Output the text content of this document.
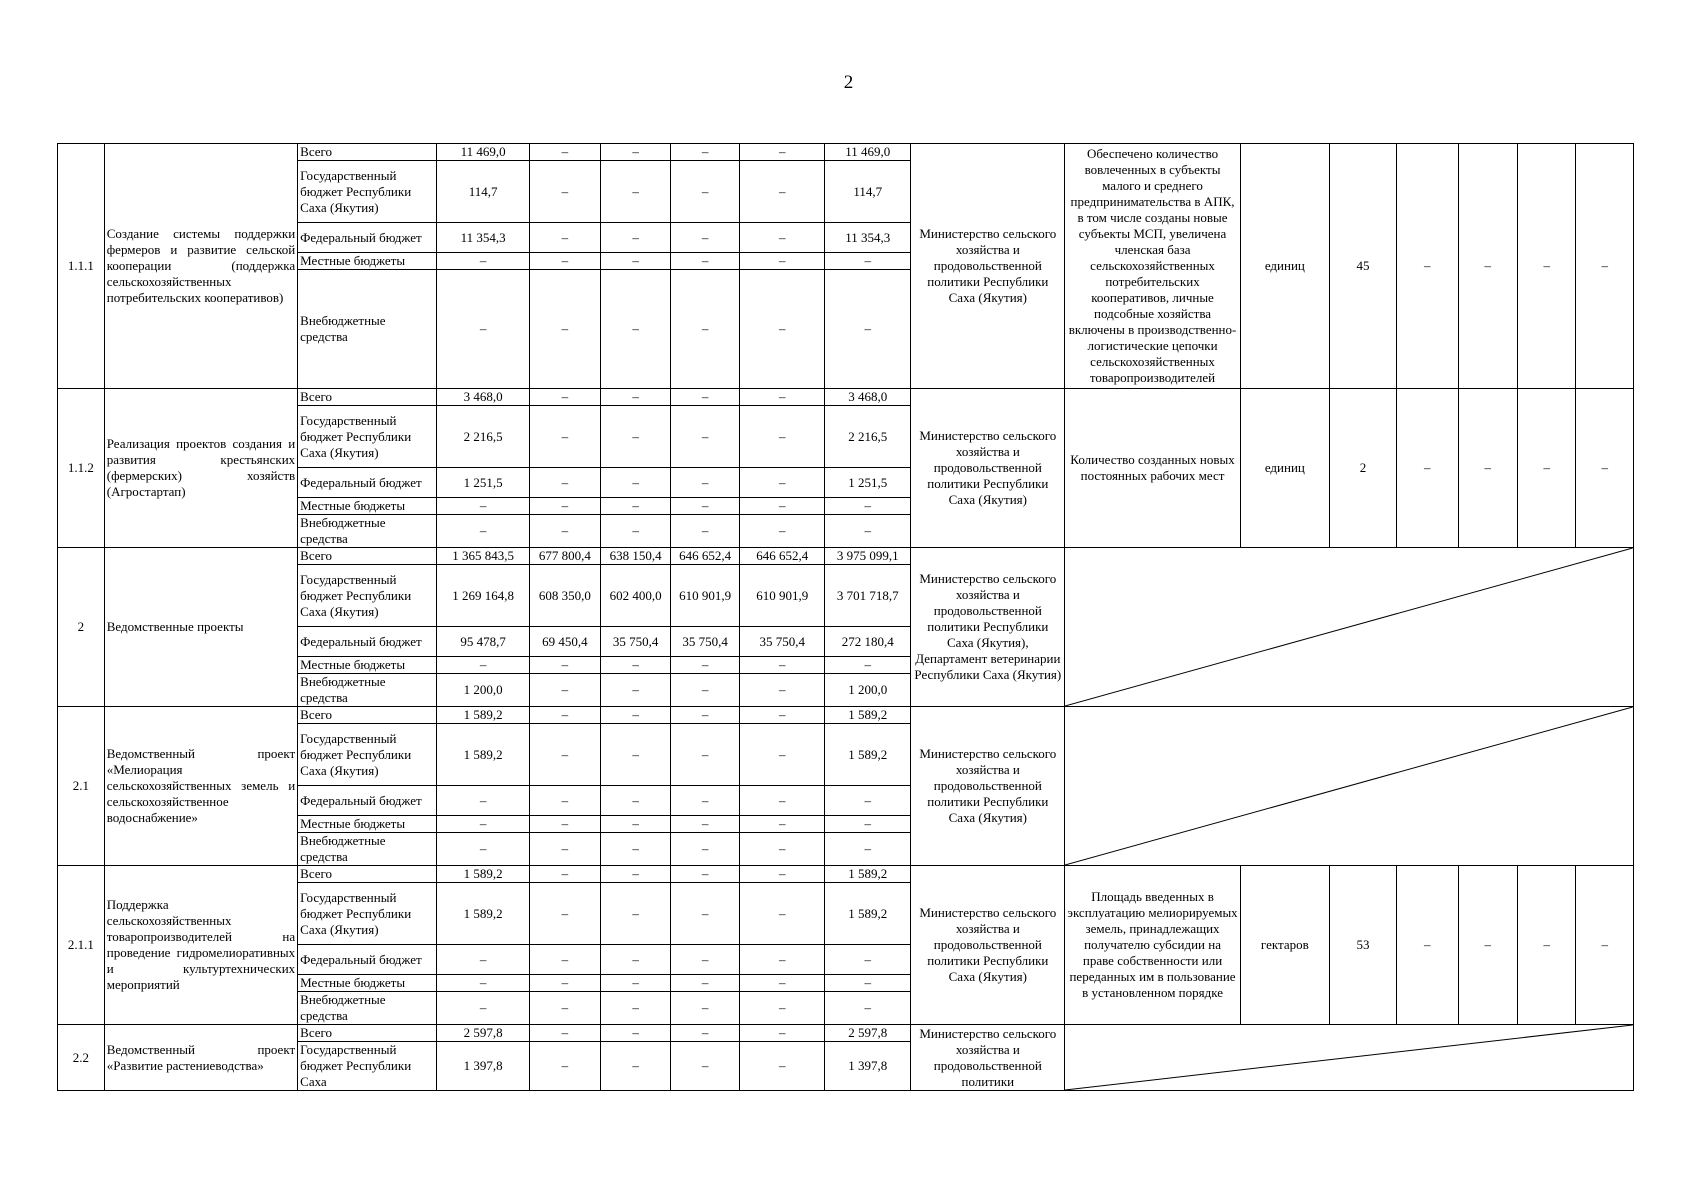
2
1.1.1	Создание системы поддержки фермеров и развитие сельской кооперации (поддержка сельскохозяйственных потребительских кооперативов)	Всего	11 469,0	–	–	–	–	11 469,0	Министерство сельского хозяйства и продовольственной политики Республики Саха (Якутия)	Обеспечено количество вовлеченных в субъекты малого и среднего предпринимательства в АПК, в том числе созданы новые субъекты МСП, увеличена членская база сельскохозяйственных потребительских кооперативов, личные подсобные хозяйства включены в производственно-логистические цепочки сельскохозяйственных товаропроизводителей	единиц	45	–	–	–	–
		Государственный бюджет Республики Саха (Якутия)	114,7	–	–	–	–	114,7								
		Федеральный бюджет	11 354,3	–	–	–	–	11 354,3								
		Местные бюджеты	–	–	–	–	–	–								
		Внебюджетные средства	–	–	–	–	–	–								
1.1.2	Реализация проектов создания и развития крестьянских (фермерских) хозяйств (Агростартап)	Всего	3 468,0	–	–	–	–	3 468,0	Министерство сельского хозяйства и продовольственной политики Республики Саха (Якутия)	Количество созданных новых постоянных рабочих мест	единиц	2	–	–	–	–
		Государственный бюджет Республики Саха (Якутия)	2 216,5	–	–	–	–	2 216,5								
		Федеральный бюджет	1 251,5	–	–	–	–	1 251,5								
		Местные бюджеты	–	–	–	–	–	–								
		Внебюджетные средства	–	–	–	–	–	–								
2	Ведомственные проекты	Всего	1 365 843,5	677 800,4	638 150,4	646 652,4	646 652,4	3 975 099,1	Министерство сельского хозяйства и продовольственной политики Республики Саха (Якутия), Департамент ветеринарии Республики Саха (Якутия)	

		Государственный бюджет Республики Саха (Якутия)	1 269 164,8	608 350,0	602 400,0	610 901,9	610 901,9	3 701 718,7								
		Федеральный бюджет	95 478,7	69 450,4	35 750,4	35 750,4	35 750,4	272 180,4								
		Местные бюджеты	–	–	–	–	–	–								
		Внебюджетные средства	1 200,0	–	–	–	–	1 200,0								
2.1	Ведомственный проект «Мелиорация сельскохозяйственных земель и сельскохозяйственное водоснабжение»	Всего	1 589,2	–	–	–	–	1 589,2	Министерство сельского хозяйства и продовольственной политики Республики Саха (Якутия)	

		Государственный бюджет Республики Саха (Якутия)	1 589,2	–	–	–	–	1 589,2								
		Федеральный бюджет	–	–	–	–	–	–								
		Местные бюджеты	–	–	–	–	–	–								
		Внебюджетные средства	–	–	–	–	–	–								
2.1.1	Поддержка сельскохозяйственных товаропроизводителей на проведение гидромелиоративных и культуртехнических мероприятий	Всего	1 589,2	–	–	–	–	1 589,2	Министерство сельского хозяйства и продовольственной политики Республики Саха (Якутия)	Площадь введенных в эксплуатацию мелиорируемых земель, принадлежащих получателю субсидии на праве собственности или переданных им в пользование в установленном порядке	гектаров	53	–	–	–	–
		Государственный бюджет Республики Саха (Якутия)	1 589,2	–	–	–	–	1 589,2								
		Федеральный бюджет	–	–	–	–	–	–								
		Местные бюджеты	–	–	–	–	–	–								
		Внебюджетные средства	–	–	–	–	–	–								
2.2	Ведомственный проект «Развитие растениеводства»	Всего	2 597,8	–	–	–	–	2 597,8	Министерство сельского хозяйства и продовольственной политики	

		Государственный бюджет Республики Саха	1 397,8	–	–	–	–	1 397,8								
